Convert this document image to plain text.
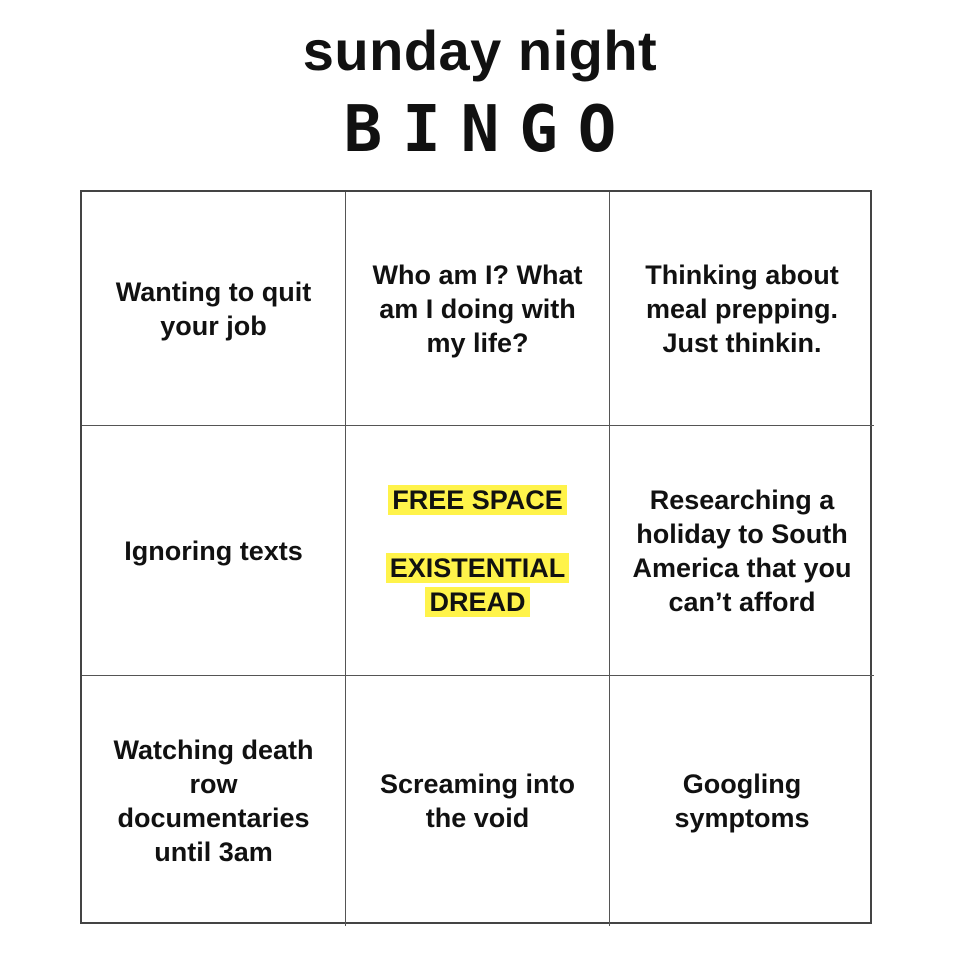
sunday night
BINGO
Wanting to quit your job
Who am I? What am I doing with my life?
Thinking about meal prepping. Just thinkin.
Ignoring texts
FREE SPACE
EXISTENTIAL DREAD
Researching a holiday to South America that you can’t afford
Watching death row documentaries until 3am
Screaming into the void
Googling symptoms
